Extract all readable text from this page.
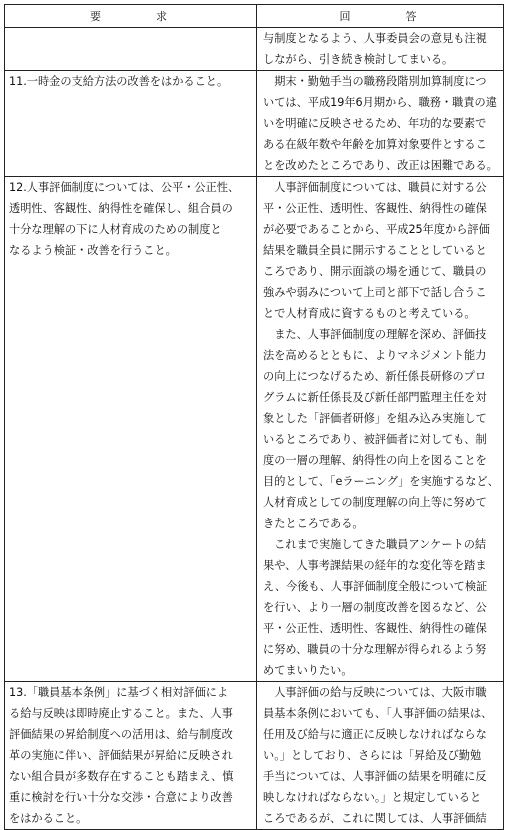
要　求	回　答
与制度となるよう、人事委員会の意見も注視
しながら、引き続き検討してまいる。
11.一時金の支給方法の改善をはかること。	　期末・勤勉手当の職務段階別加算制度につ
いては、平成19年6月期から、職務・職責の違
いを明確に反映させるため、年功的な要素で
ある在級年数や年齢を加算対象要件とするこ
とを改めたところであり、改正は困難である。
12.人事評価制度については、公平・公正性、
透明性、客観性、納得性を確保し、組合員の
十分な理解の下に人材育成のための制度と
なるよう検証・改善を行うこと。
　人事評価制度については、職員に対する公
平・公正性、透明性、客観性、納得性の確保
が必要であることから、平成25年度から評価
結果を職員全員に開示することとしていると
ころであり、開示面談の場を通じて、職員の
強みや弱みについて上司と部下で話し合うこ
とで人材育成に資するものと考えている。
　また、人事評価制度の理解を深め、評価技
法を高めるとともに、よりマネジメント能力
の向上につなげるため、新任係長研修のプロ
グラムに新任係長及び新任部門監理主任を対
象とした「評価者研修」を組み込み実施して
いるところであり、被評価者に対しても、制
度の一層の理解、納得性の向上を図ることを
目的として、「eラーニング」を実施するなど、
人材育成としての制度理解の向上等に努めて
きたところである。
　これまで実施してきた職員アンケートの結
果や、人事考課結果の経年的な変化等を踏ま
え、今後も、人事評価制度全般について検証
を行い、より一層の制度改善を図るなど、公
平・公正性、透明性、客観性、納得性の確保
に努め、職員の十分な理解が得られるよう努
めてまいりたい。
13.「職員基本条例」に基づく相対評価によ
る給与反映は即時廃止すること。また、人事
評価結果の昇給制度への活用は、給与制度改
革の実施に伴い、評価結果が昇給に反映され
ない組合員が多数存在することも踏まえ、慎
重に検討を行い十分な交渉・合意により改善
をはかること。
　人事評価の給与反映については、大阪市職
員基本条例においても、「人事評価の結果は、
任用及び給与に適正に反映しなければならな
い。」としており、さらには「昇給及び勤勉
手当については、人事評価の結果を明確に反
映しなければならない。」と規定していると
ころであるが、これに関しては、人事評価結
